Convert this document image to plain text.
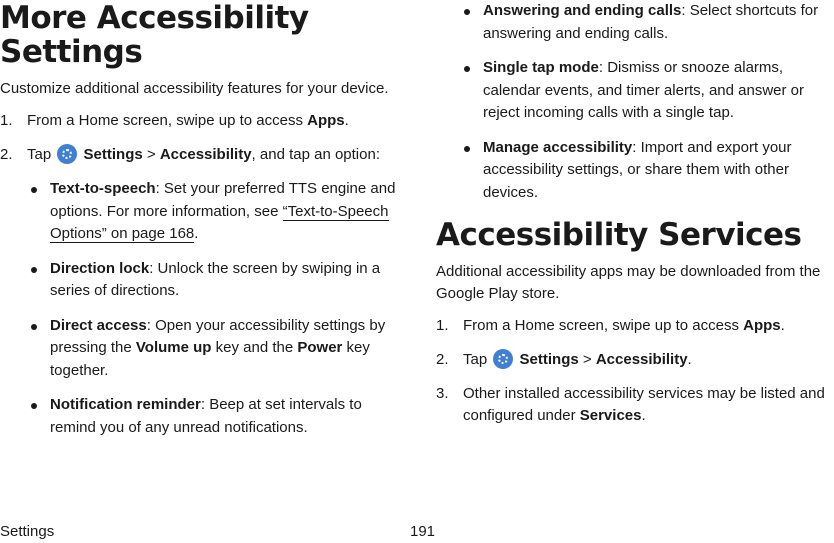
More Accessibility
Settings

Customize additional accessibility features for your device.

1. From a Home screen, swipe up to access Apps.
2. Tap  Settings > Accessibility, and tap an option:
Text-to-speech: Set your preferred TTS engine and options. For more information, see “Text-to-Speech Options” on page 168.
Direction lock: Unlock the screen by swiping in a series of directions.
Direct access: Open your accessibility settings by pressing the Volume up key and the Power key together.
Notification reminder: Beep at set intervals to remind you of any unread notifications.
Answering and ending calls: Select shortcuts for answering and ending calls.
Single tap mode: Dismiss or snooze alarms, calendar events, and timer alerts, and answer or reject incoming calls with a single tap.
Manage accessibility: Import and export your accessibility settings, or share them with other devices.
Accessibility Services

Additional accessibility apps may be downloaded from the Google Play store.

1. From a Home screen, swipe up to access Apps.
2. Tap  Settings > Accessibility.
3. Other installed accessibility services may be listed and configured under Services.
Settings	191
